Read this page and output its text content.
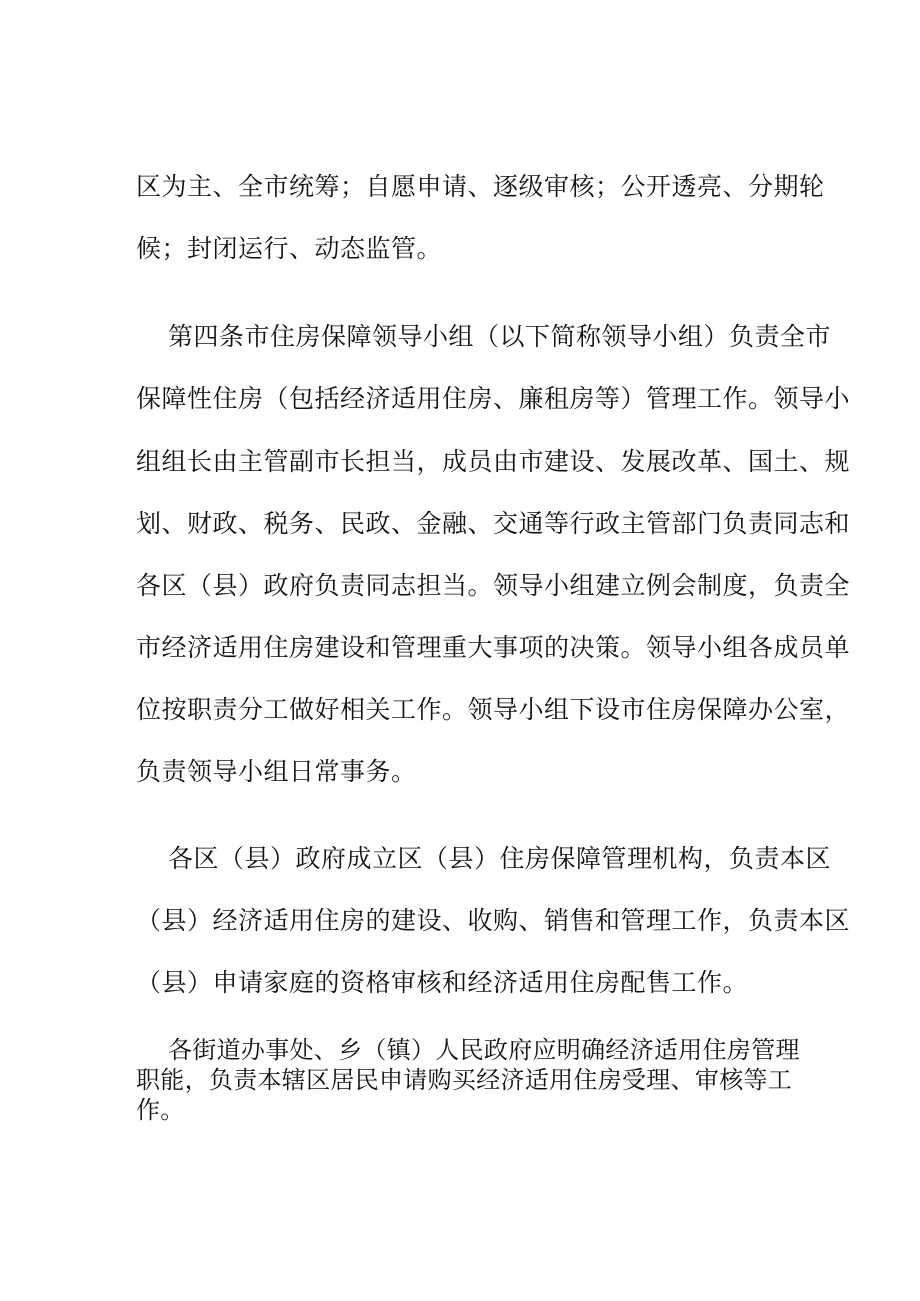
区为主、全市统筹；自愿申请、逐级审核；公开透亮、分期轮
候；封闭运行、动态监管。
第四条市住房保障领导小组（以下简称领导小组）负责全市
保障性住房（包括经济适用住房、廉租房等）管理工作。领导小
组组长由主管副市长担当，成员由市建设、发展改革、国土、规
划、财政、税务、民政、金融、交通等行政主管部门负责同志和
各区（县）政府负责同志担当。领导小组建立例会制度，负责全
市经济适用住房建设和管理重大事项的决策。领导小组各成员单
位按职责分工做好相关工作。领导小组下设市住房保障办公室，
负责领导小组日常事务。
各区（县）政府成立区（县）住房保障管理机构，负责本区
（县）经济适用住房的建设、收购、销售和管理工作，负责本区
（县）申请家庭的资格审核和经济适用住房配售工作。
各街道办事处、乡（镇）人民政府应明确经济适用住房管理
职能，负责本辖区居民申请购买经济适用住房受理、审核等工
作。
